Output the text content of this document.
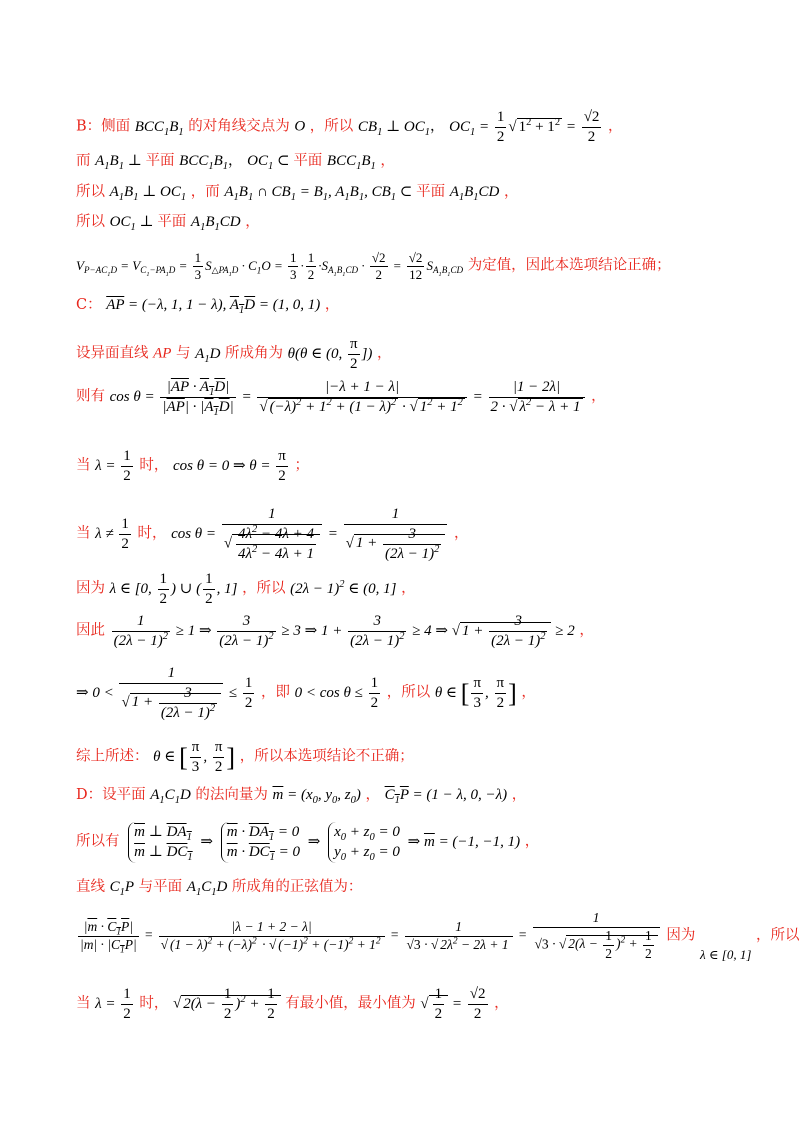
B：侧面 $BCC_1B_1$ 的对角线交点为 O ，所以 $CB_1$ ⊥ $OC_1$， $OC_1 = \frac{1}{2}$ √ $1^2 + 1^2 = \frac{√2}{2}$ ，
而 $A_1B_1$ ⊥ 平面 $BCC_1B_1$， $OC_1$ ⊂ 平面 $BCC_1B_1$ ，
所以 $A_1B_1$ ⊥ $OC_1$ ，而 $A_1B_1$ ∩ $CB_1 = B_1$, $A_1B_1$, $CB_1$ ⊂ 平面 $A_1B_1CD$ ，
所以 $OC_1$ ⊥ 平面 $A_1B_1CD$ ，
$V_{P-AC_1D} = V_{C_1-PA_1D} = \frac{1}{3} S_{\triangle PA_1D} \cdot C_1O = \frac{1}{3} \cdot \frac{1}{2} \cdot S_{A_1B_1CD} \cdot \frac{√2}{2} = \frac{√2}{12} S_{A_1B_1CD}$ 为定值，因此本选项结论正确；
C： $\overline{AP} = (-\lambda$, 1, 1 − λ), $A_1D = (1$, 0, 1) ，
设异面直线 AP 与 $A_1D$ 所成角为 θ(θ ∈ (0, $\frac{\pi}{2}$ ]) ，
则有 $\cos \theta = \frac{|\overline{AP} \cdot A_1D|}{|\overline{AP}| \cdot |A_1D|} = \frac{|-\lambda + 1 - \lambda|}{√ (-\lambda)^2 + 1^2 + (1 - \lambda)^2 \cdot √ 1^2 + 1^2} = \frac{|1 - 2\lambda|}{2 \cdot √ \lambda^2 - \lambda + 1}$ ，
当 $\lambda = \frac{1}{2}$ 时， cos θ = 0 ⇒ $\theta = \frac{\pi}{2}$ ；
当 $\lambda \ne \frac{1}{2}$ 时， $\cos \theta = \frac{1}{√ \frac{4\lambda^2 - 4\lambda + 4}{4\lambda^2 - 4\lambda + 1}} = \frac{1}{√ 1 + \frac{3}{(2\lambda - 1)^2}}$ ，
因为 λ ∈ [0, $\frac{1}{2}$ ) ∪ ( $\frac{1}{2}$ , 1] ，所以 $(2\lambda - 1)^2$ ∈ (0, 1] ，
因此 $\frac{1}{(2\lambda - 1)^2} \ge 1$ ⇒ $\frac{3}{(2\lambda - 1)^2} \ge 3$ ⇒ $1 + \frac{3}{(2\lambda - 1)^2} \ge 4$ ⇒ √ $1 + \frac{3}{(2\lambda - 1)^2} \ge 2$ ，
⇒ $0 < \frac{1}{√ 1 + \frac{3}{(2\lambda - 1)^2}} \le \frac{1}{2}$ ，即 $0 < \cos \theta \le \frac{1}{2}$ ，所以 θ ∈ [ $\frac{\pi}{3}$ , $\frac{\pi}{2}$ ] ，
综上所述： θ ∈ [ $\frac{\pi}{3}$ , $\frac{\pi}{2}$ ] ，所以本选项结论不正确；
D：设平面 $A_1C_1D$ 的法向量为 $\overline{m} = (x_0$, $y_0$, $z_0$) ， $C_1P = (1 - \lambda$, 0, −λ) ，
所以有
$\overline{m}$ ⊥ $DA_1$
$\overline{m}$ ⊥ $DC_1$
⇒
$\overline{m} \cdot DA_1 = 0$
$\overline{m} \cdot DC_1 = 0$
⇒
$x_0 + z_0 = 0$
$y_0 + z_0 = 0$
⇒ $\overline{m} = (-1$, −1, 1) ，
直线 $C_1P$ 与平面 $A_1C_1D$ 所成角的正弦值为：
$\frac{|\overline{m} \cdot C_1P|}{|\overline{m}| \cdot |C_1P|} = \frac{|\lambda - 1 + 2 - \lambda|}{√ (1 - \lambda)^2 + (-\lambda)^2 \cdot √ (-1)^2 + (-1)^2 + 1^2} = \frac{1}{√3 \cdot √ 2\lambda^2 - 2\lambda + 1} = \frac{1}{√3 \cdot √ 2(\lambda - \frac{1}{2} )^2 + \frac{1}{2}}$ 因为 λ ∈ [0, 1] ，所以
当 $\lambda = \frac{1}{2}$ 时， √ $2(\lambda - \frac{1}{2} )^2 + \frac{1}{2}$ 有最小值，最小值为 √ $\frac{1}{2} = \frac{√2}{2}$ ，
